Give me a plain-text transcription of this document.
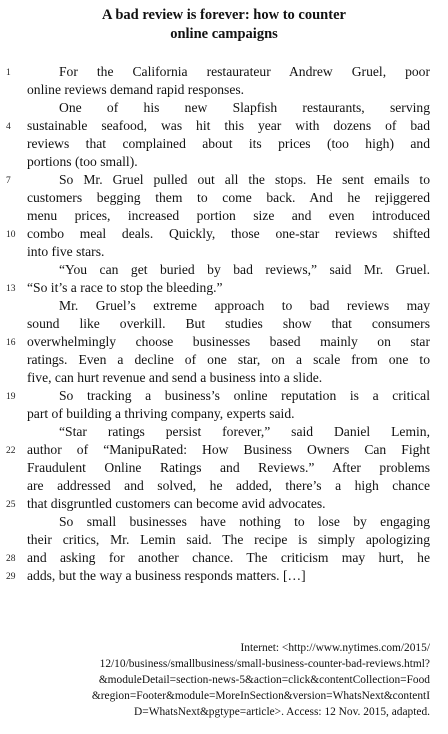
A bad review is forever: how to counter
online campaigns
For the California restaurateur Andrew Gruel, poor
online reviews demand rapid responses.
One of his new Slapfish restaurants, serving
sustainable seafood, was hit this year with dozens of bad
reviews that complained about its prices (too high) and
portions (too small).
So Mr. Gruel pulled out all the stops. He sent emails to
customers begging them to come back. And he rejiggered
menu prices, increased portion size and even introduced
combo meal deals. Quickly, those one-star reviews shifted
into five stars.
“You can get buried by bad reviews,” said Mr. Gruel.
“So it’s a race to stop the bleeding.”
Mr. Gruel’s extreme approach to bad reviews may
sound like overkill. But studies show that consumers
overwhelmingly choose businesses based mainly on star
ratings. Even a decline of one star, on a scale from one to
five, can hurt revenue and send a business into a slide.
So tracking a business’s online reputation is a critical
part of building a thriving company, experts said.
“Star ratings persist forever,” said Daniel Lemin,
author of “ManipuRated: How Business Owners Can Fight
Fraudulent Online Ratings and Reviews.” After problems
are addressed and solved, he added, there’s a high chance
that disgruntled customers can become avid advocates.
So small businesses have nothing to lose by engaging
their critics, Mr. Lemin said. The recipe is simply apologizing
and asking for another chance. The criticism may hurt, he
adds, but the way a business responds matters. […]
1
4
7
10
13
16
19
22
25
28
29
Internet: <http://www.nytimes.com/2015/
12/10/business/smallbusiness/small-business-counter-bad-reviews.html?
&moduleDetail=section-news-5&action=click&contentCollection=Food
&region=Footer&module=MoreInSection&version=WhatsNext&contentI
D=WhatsNext&pgtype=article>. Access: 12 Nov. 2015, adapted.
